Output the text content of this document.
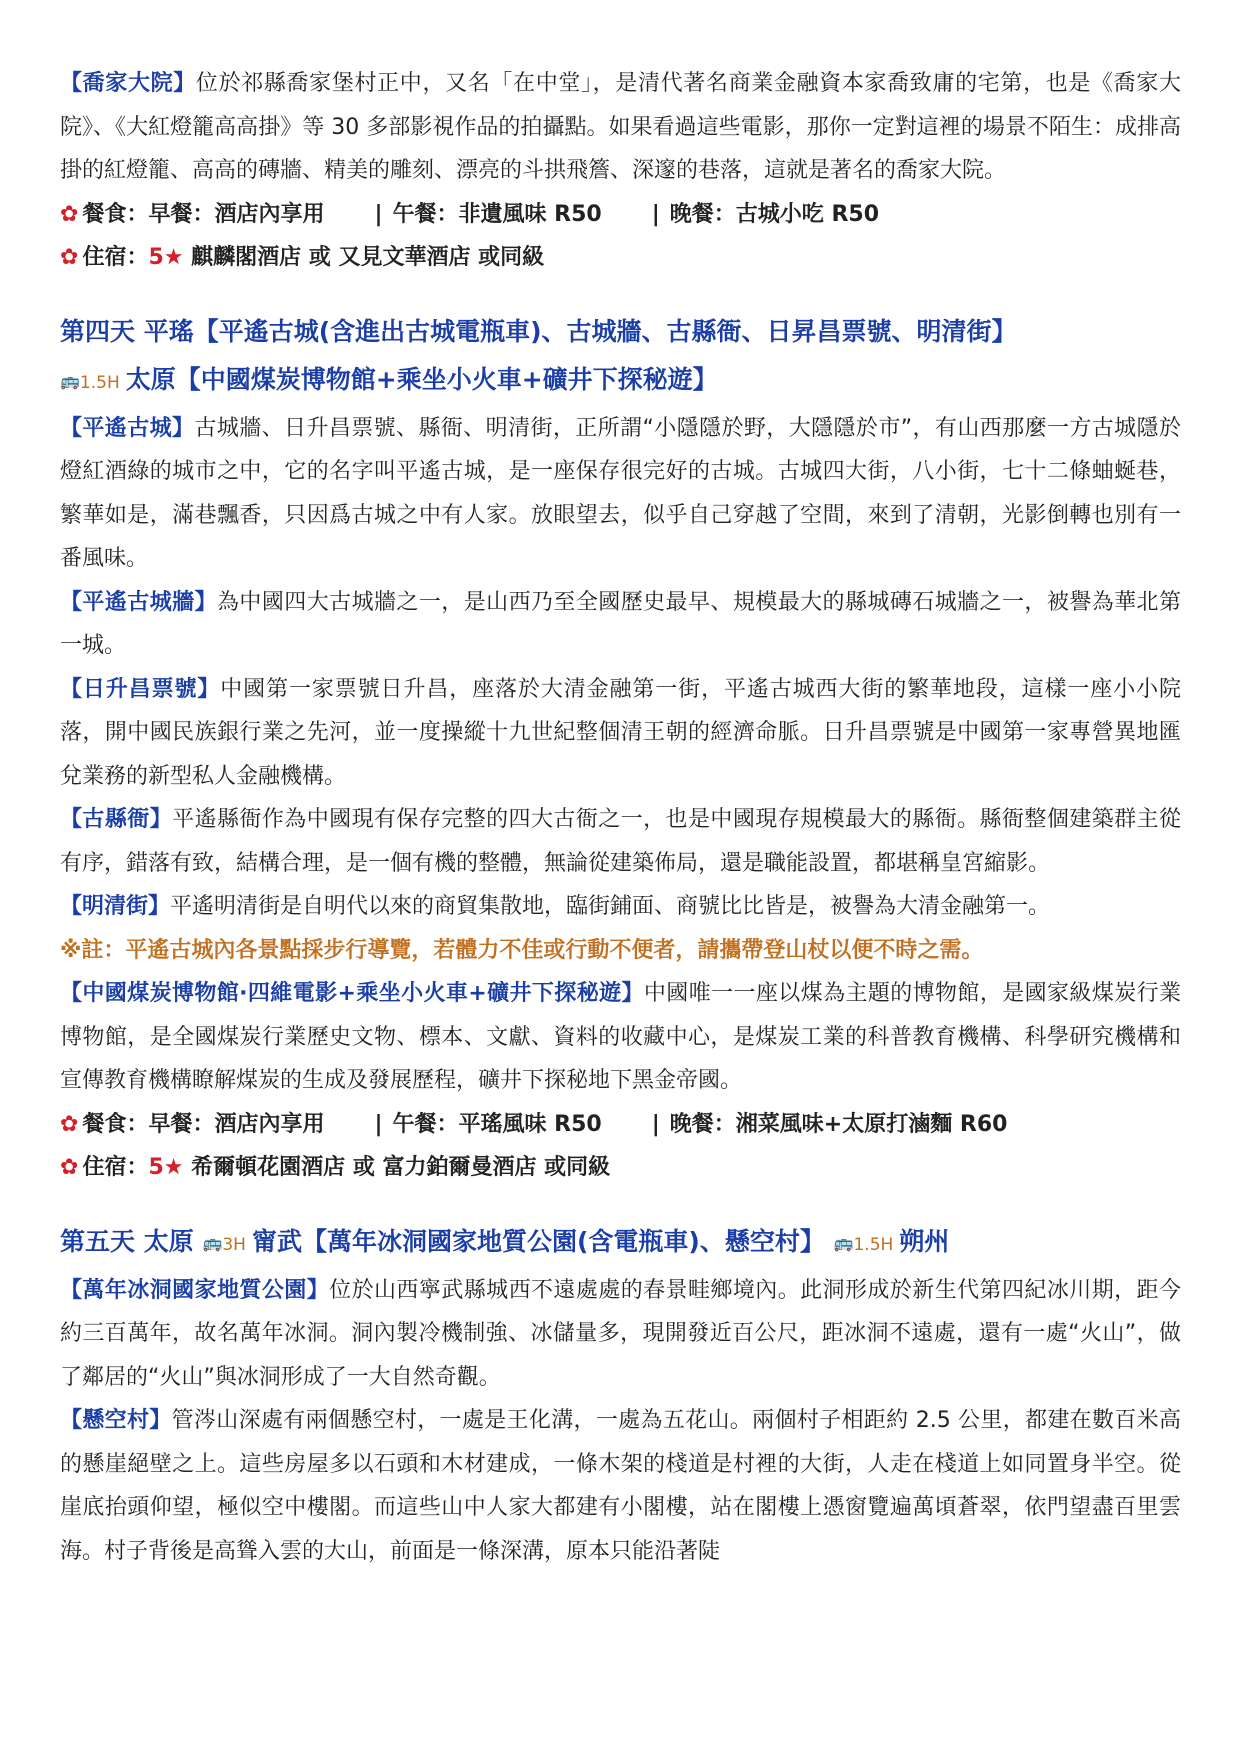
【喬家大院】位於祁縣喬家堡村正中，又名「在中堂」，是清代著名商業金融資本家喬致庸的宅第，也是《喬家大院》、《大紅燈籠高高掛》等 30 多部影視作品的拍攝點。如果看過這些電影，那你一定對這裡的場景不陌生：成排高掛的紅燈籠、高高的磚牆、精美的雕刻、漂亮的斗拱飛簷、深邃的巷落，這就是著名的喬家大院。

✿ 餐食：早餐：酒店內享用 | 午餐：非遺風味 R50 | 晚餐：古城小吃 R50

✿ 住宿：5★ 麒麟閣酒店 或 又見文華酒店 或同級

第四天 平瑤【平遙古城(含進出古城電瓶車)、古城牆、古縣衙、日昇昌票號、明清街】

🚌1.5H 太原【中國煤炭博物館+乘坐小火車+礦井下探秘遊】

【平遙古城】古城牆、日升昌票號、縣衙、明清街，正所謂“小隱隱於野，大隱隱於市”，有山西那麼一方古城隱於燈紅酒綠的城市之中，它的名字叫平遙古城，是一座保存很完好的古城。古城四大街，八小街，七十二條蚰蜒巷，繁華如是，滿巷飄香，只因爲古城之中有人家。放眼望去，似乎自己穿越了空間，來到了清朝，光影倒轉也別有一番風味。

【平遙古城牆】為中國四大古城牆之一，是山西乃至全國歷史最早、規模最大的縣城磚石城牆之一，被譽為華北第一城。

【日升昌票號】中國第一家票號日升昌，座落於大清金融第一街，平遙古城西大街的繁華地段，這樣一座小小院落，開中國民族銀行業之先河，並一度操縱十九世紀整個清王朝的經濟命脈。日升昌票號是中國第一家專營異地匯兌業務的新型私人金融機構。

【古縣衙】平遙縣衙作為中國現有保存完整的四大古衙之一，也是中國現存規模最大的縣衙。縣衙整個建築群主從有序，錯落有致，結構合理，是一個有機的整體，無論從建築佈局，還是職能設置，都堪稱皇宮縮影。

【明清街】平遙明清街是自明代以來的商貿集散地，臨街鋪面、商號比比皆是，被譽為大清金融第一。

※註：平遙古城內各景點採步行導覽，若體力不佳或行動不便者，請攜帶登山杖以便不時之需。

【中國煤炭博物館·四維電影+乘坐小火車+礦井下探秘遊】中國唯一一座以煤為主題的博物館，是國家級煤炭行業博物館，是全國煤炭行業歷史文物、標本、文獻、資料的收藏中心，是煤炭工業的科普教育機構、科學研究機構和宣傳教育機構瞭解煤炭的生成及發展歷程，礦井下探秘地下黑金帝國。

✿ 餐食：早餐：酒店內享用 | 午餐：平瑤風味 R50 | 晚餐：湘菜風味+太原打滷麵 R60

✿ 住宿：5★ 希爾頓花園酒店 或 富力鉑爾曼酒店 或同級

第五天 太原 🚌3H 甯武【萬年冰洞國家地質公園(含電瓶車)、懸空村】 🚌1.5H 朔州

【萬年冰洞國家地質公園】位於山西寧武縣城西不遠處處的春景畦鄉境內。此洞形成於新生代第四紀冰川期，距今約三百萬年，故名萬年冰洞。洞內製冷機制強、冰儲量多，現開發近百公尺，距冰洞不遠處，還有一處“火山”，做了鄰居的“火山”與冰洞形成了一大自然奇觀。

【懸空村】管涔山深處有兩個懸空村，一處是王化溝，一處為五花山。兩個村子相距約 2.5 公里，都建在數百米高的懸崖絕壁之上。這些房屋多以石頭和木材建成，一條木架的棧道是村裡的大街，人走在棧道上如同置身半空。從崖底抬頭仰望，極似空中樓閣。而這些山中人家大都建有小閣樓，站在閣樓上憑窗覽遍萬頃蒼翠，依門望盡百里雲海。村子背後是高聳入雲的大山，前面是一條深溝，原本只能沿著陡
